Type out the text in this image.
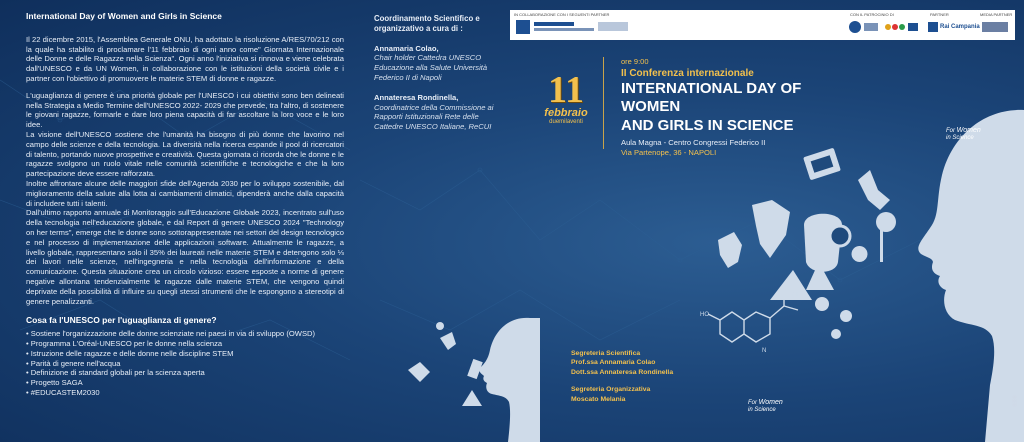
HO
N
NH
International Day of Women and Girls in Science

Il 22 dicembre 2015, l'Assemblea Generale ONU, ha adottato la risoluzione A/RES/70/212 con la quale ha stabilito di proclamare l'11 febbraio di ogni anno come" Giornata Internazionale delle Donne e delle Ragazze nella Scienza". Ogni anno l'iniziativa si rinnova e viene celebrata dall'UNESCO e da UN Women, in collaborazione con le istituzioni della società civile e i partner con l'obiettivo di promuovere le materie STEM di donne e ragazze.

L'uguaglianza di genere è una priorità globale per l'UNESCO i cui obiettivi sono ben delineati nella Strategia a Medio Termine dell'UNESCO 2022- 2029 che prevede, tra l'altro, di sostenere le giovani ragazze, formarle e dare loro piena capacità di far ascoltare la loro voce e le loro idee.

La visione dell'UNESCO sostiene che l'umanità ha bisogno di più donne che lavorino nel campo delle scienze e della tecnologia. La diversità nella ricerca espande il pool di ricercatori di talento, portando nuove prospettive e creatività. Questa giornata ci ricorda che le donne e le ragazze svolgono un ruolo vitale nelle comunità scientifiche e tecnologiche e che la loro partecipazione deve essere rafforzata.

Inoltre affrontare alcune delle maggiori sfide dell'Agenda 2030 per lo sviluppo sostenibile, dal miglioramento della salute alla lotta ai cambiamenti climatici, dipenderà anche dalla capacità di includere tutti i talenti.

Dall'ultimo rapporto annuale di Monitoraggio sull'Educazione Globale 2023, incentrato sull'uso della tecnologia nell'educazione globale, e dal Report di genere UNESCO 2024 "Technology on her terms", emerge che le donne sono sottorappresentate nei settori del design tecnologico e nel processo di implementazione delle applicazioni software. Attualmente le ragazze, a livello globale, rappresentano solo il 35% dei laureati nelle materie STEM e detengono solo ⅓ dei lavori nelle scienze, nell'ingegneria e nella tecnologia dell'informazione e della comunicazione. Questa situazione crea un circolo vizioso: essere esposte a norme di genere negative allontana tendenzialmente le ragazze dalle materie STEM, che vengono quindi deprivate della possibilità di influire su quegli stessi strumenti che le espongono a stereotipi di genere penalizzanti.

Cosa fa l'UNESCO per l'uguaglianza di genere?
• Sostiene l'organizzazione delle donne scienziate nei paesi in via di sviluppo (OWSD)
• Programma L'Oréal-UNESCO per le donne nella scienza
• Istruzione delle ragazze e delle donne nelle discipline STEM
• Parità di genere nell'acqua
• Definizione di standard globali per la scienza aperta
• Progetto SAGA
• #EDUCASTEM2030
Coordinamento Scientifico e organizzativo a cura di :
Annamaria Colao,
Chair holder Cattedra UNESCO Educazione alla Salute Università Federico II di Napoli
Annateresa Rondinella,
Coordinatrice della Commissione ai Rapporti Istituzionali Rete delle Cattedre UNESCO Italiane, ReCUI
IN COLLABORAZIONE CON I SEGUENTI PARTNER	CON IL PATROCINIO DI	PARTNER
Rai Campania
MEDIA PARTNER
11
febbraio
duemilaventi
ore 9:00
II Conferenza internazionale
INTERNATIONAL DAY OF WOMEN
AND GIRLS IN SCIENCE
Aula Magna - Centro Congressi Federico II
Via Partenope, 36 - NAPOLI
For Women
in Science
For Women
in Science
Segreteria Scientifica
Prof.ssa Annamaria Colao
Dott.ssa Annateresa Rondinella
Segreteria Organizzativa
Moscato Melania	8888
